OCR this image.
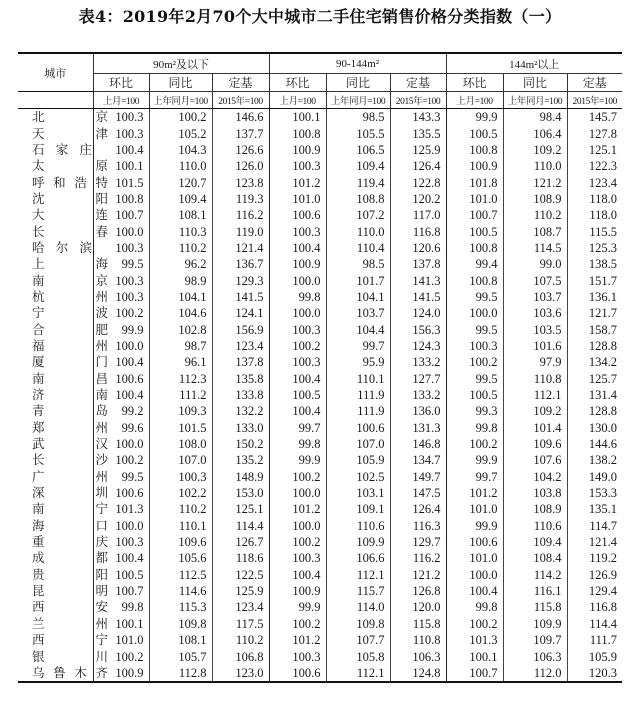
表4：2019年2月70个大中城市二手住宅销售价格分类指数（一）
城市	90m²及以下			90-144m²			144m²以上		
	环比	同比	定基	环比	同比	定基	环比	同比	定基
	上月=100	上年同月=100	2015年=100	上月=100	上年同月=100	2015年=100	上月=100	上年同月=100	2015年=100
北京	100.3	100.2	146.6	100.1	98.5	143.3	99.9	98.4	145.7
天津	100.3	105.2	137.7	100.8	105.5	135.5	100.5	106.4	127.8
石家庄	100.4	104.3	126.6	100.9	106.5	125.9	100.8	109.2	125.1
太原	100.1	110.0	126.0	100.3	109.4	126.4	100.9	110.0	122.3
呼和浩特	101.5	120.7	123.8	101.2	119.4	122.8	101.8	121.2	123.4
沈阳	100.8	109.4	119.3	101.0	108.8	120.2	101.0	108.9	118.0
大连	100.7	108.1	116.2	100.6	107.2	117.0	100.7	110.2	118.0
长春	100.0	110.3	119.0	100.3	110.0	116.8	100.5	108.7	115.5
哈尔滨	100.3	110.2	121.4	100.4	110.4	120.6	100.8	114.5	125.3
上海	99.5	96.2	136.7	100.9	98.5	137.8	99.4	99.0	138.5
南京	100.3	98.9	129.3	100.0	101.7	141.3	100.8	107.5	151.7
杭州	100.3	104.1	141.5	99.8	104.1	141.5	99.5	103.7	136.1
宁波	100.2	104.6	124.1	100.0	103.7	124.0	100.0	103.6	121.7
合肥	99.9	102.8	156.9	100.3	104.4	156.3	99.5	103.5	158.7
福州	100.0	98.7	123.4	100.2	99.7	124.3	100.3	101.6	128.8
厦门	100.4	96.1	137.8	100.3	95.9	133.2	100.2	97.9	134.2
南昌	100.6	112.3	135.8	100.4	110.1	127.7	99.5	110.8	125.7
济南	100.4	111.2	133.8	100.5	111.9	133.2	100.5	112.1	131.4
青岛	99.2	109.3	132.2	100.4	111.9	136.0	99.3	109.2	128.8
郑州	99.6	101.5	133.0	99.7	100.6	131.3	99.8	101.4	130.0
武汉	100.0	108.0	150.2	99.8	107.0	146.8	100.2	109.6	144.6
长沙	100.2	107.0	135.2	99.9	105.9	134.7	99.9	107.6	138.2
广州	99.5	100.3	148.9	100.2	102.5	149.7	99.7	104.2	149.0
深圳	100.6	102.2	153.0	100.0	103.1	147.5	101.2	103.8	153.3
南宁	101.3	110.2	125.1	101.2	109.1	126.4	101.0	108.9	135.1
海口	100.0	110.1	114.4	100.0	110.6	116.3	99.9	110.6	114.7
重庆	100.3	109.6	126.7	100.2	109.9	129.7	100.6	109.4	121.4
成都	100.4	105.6	118.6	100.3	106.6	116.2	101.0	108.4	119.2
贵阳	100.5	112.5	122.5	100.4	112.1	121.2	100.0	114.2	126.9
昆明	100.7	114.6	125.9	100.9	115.7	126.8	100.4	116.1	129.4
西安	99.8	115.3	123.4	99.9	114.0	120.0	99.8	115.8	116.8
兰州	100.1	109.8	117.5	100.2	109.8	115.8	100.2	109.9	114.4
西宁	101.0	108.1	110.2	101.2	107.7	110.8	101.3	109.7	111.7
银川	100.2	105.7	106.8	100.3	105.8	106.3	100.1	106.3	105.9
乌鲁木齐	100.9	112.8	123.0	100.6	112.1	124.8	100.7	112.0	120.3
